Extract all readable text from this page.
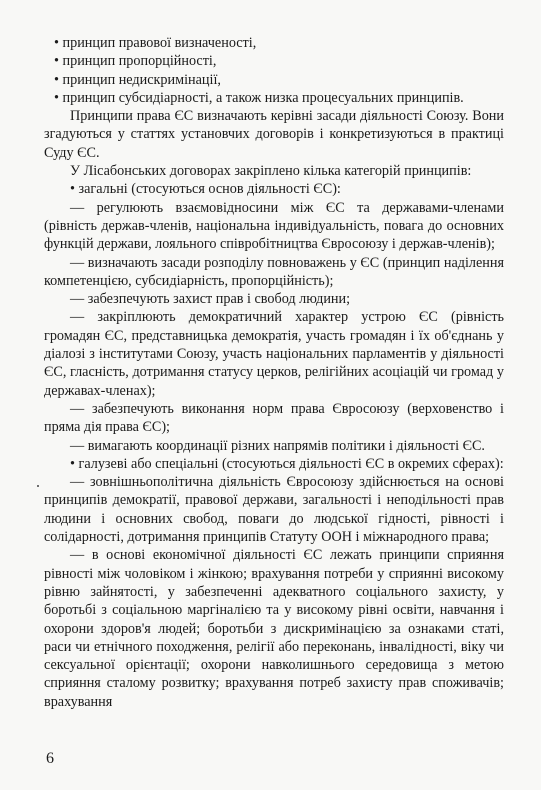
• принцип правової визначеності,

• принцип пропорційності,

• принцип недискримінації,

• принцип субсидіарності, а також низка процесуальних принципів.

Принципи права ЄС визначають керівні засади діяльності Союзу. Вони згадуються у статтях установчих договорів і конкретизуються в практиці Суду ЄС.

У Лісабонських договорах закріплено кілька категорій принципів:

• загальні (стосуються основ діяльності ЄС):

— регулюють взаємовідносини між ЄС та державами-членами (рівність держав-членів, національна індивідуальність, повага до основних функцій держави, лояльного співробітництва Євросоюзу і держав-членів);

— визначають засади розподілу повноважень у ЄС (принцип наділення компетенцією, субсидіарність, пропорційність);

— забезпечують захист прав і свобод людини;

— закріплюють демократичний характер устрою ЄС (рівність громадян ЄС, представницька демократія, участь громадян і їх об'єднань у діалозі з інститутами Союзу, участь національних парламентів у діяльності ЄС, гласність, дотримання статусу церков, релігійних асоціацій чи громад у державах-членах);

— забезпечують виконання норм права Євросоюзу (верховенство і пряма дія права ЄС);

— вимагають координації різних напрямів політики і діяльності ЄС.

• галузеві або спеціальні (стосуються діяльності ЄС в окремих сферах):

— зовнішньополітична діяльність Євросоюзу здійснюється на основі принципів демократії, правової держави, загальності і неподільності прав людини і основних свобод, поваги до людської гідності, рівності і солідарності, дотримання принципів Статуту ООН і міжнародного права;

— в основі економічної діяльності ЄС лежать принципи сприяння рівності між чоловіком і жінкою; врахування потреби у сприянні високому рівню зайнятості, у забезпеченні адекватного соціального захисту, у боротьбі з соціальною маргіналією та у високому рівні освіти, навчання і охорони здоров'я людей; боротьби з дискримінацією за ознаками статі, раси чи етнічного походження, релігії або переконань, інвалідності, віку чи сексуальної орієнтації; охорони навколишнього середовища з метою сприяння сталому розвитку; врахування потреб захисту прав споживачів; врахування

6
